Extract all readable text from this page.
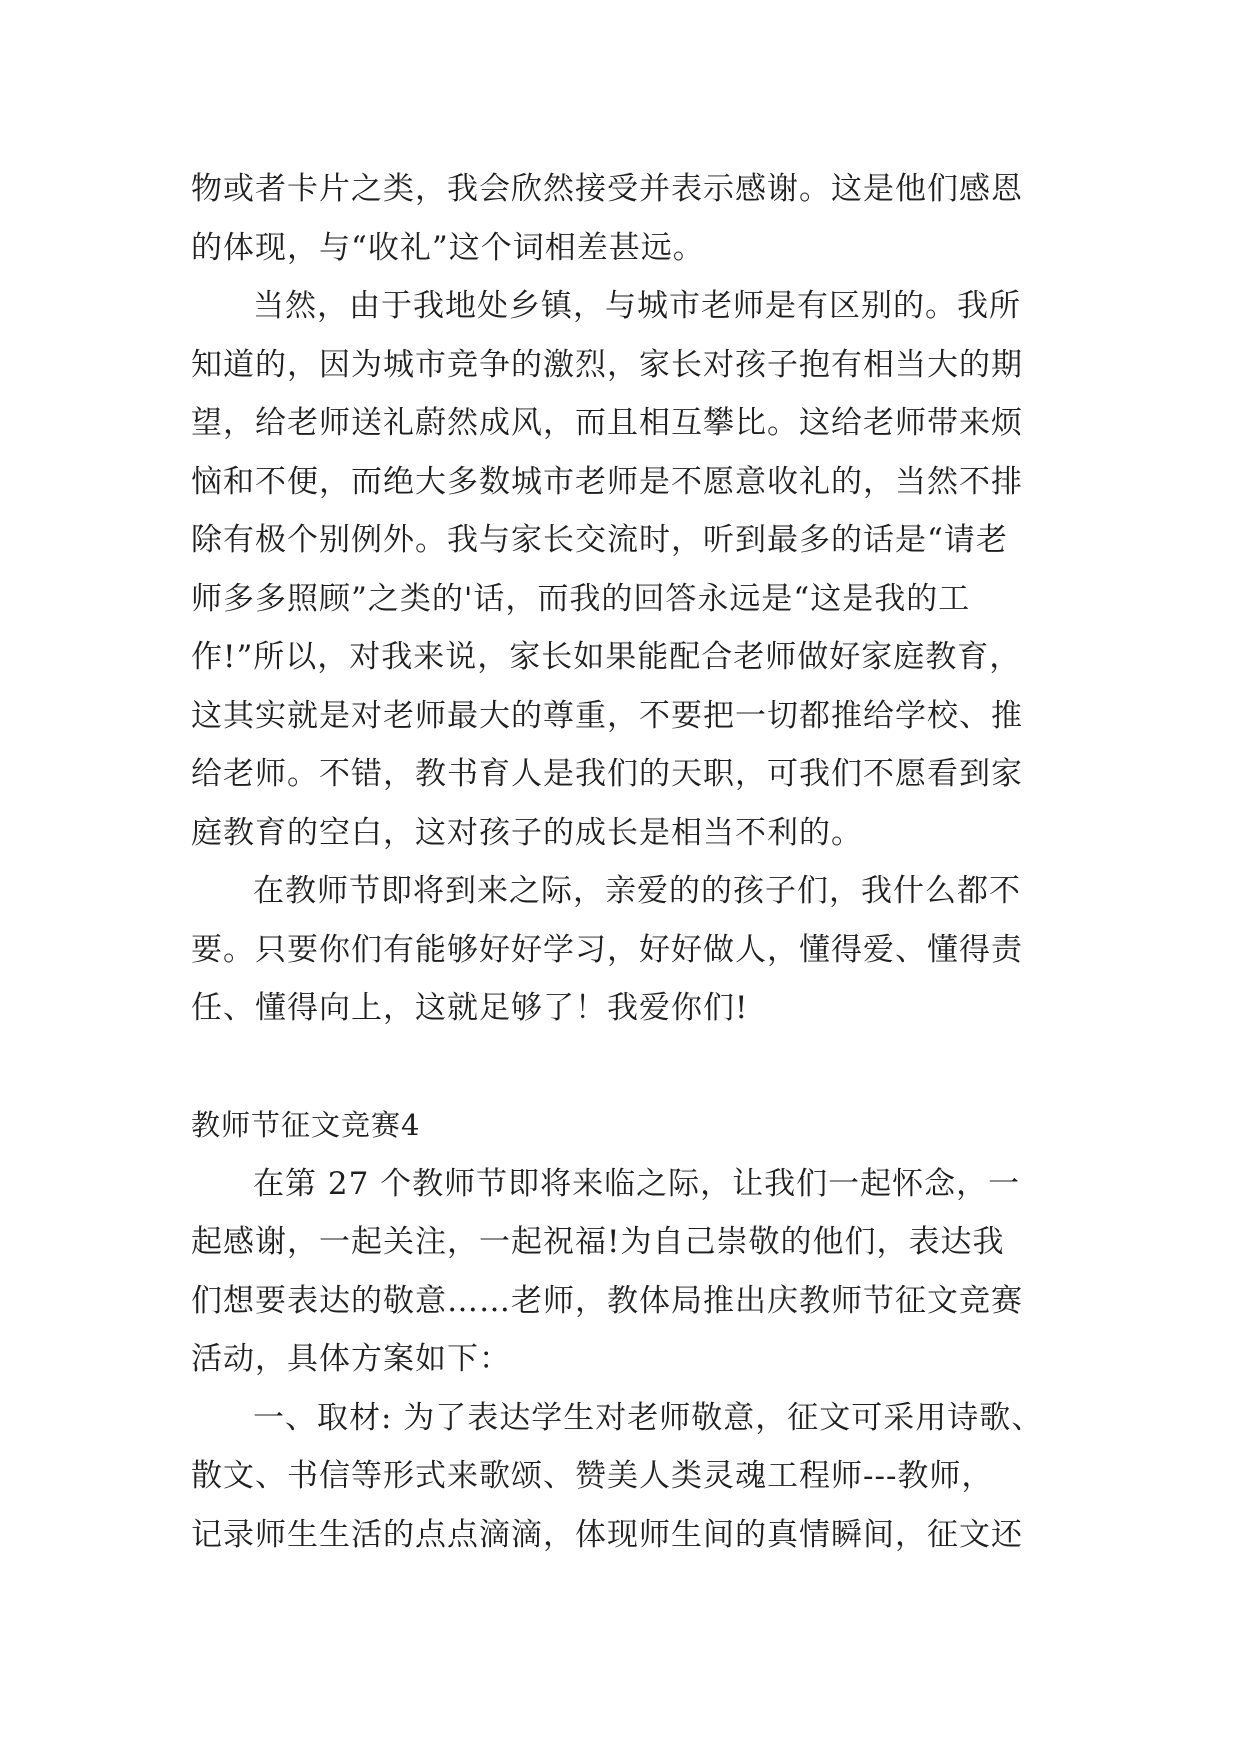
物或者卡片之类，我会欣然接受并表示感谢。这是他们感恩
的体现，与“收礼”这个词相差甚远。
当然，由于我地处乡镇，与城市老师是有区别的。我所
知道的，因为城市竞争的激烈，家长对孩子抱有相当大的期
望，给老师送礼蔚然成风，而且相互攀比。这给老师带来烦
恼和不便，而绝大多数城市老师是不愿意收礼的，当然不排
除有极个别例外。我与家长交流时，听到最多的话是“请老
师多多照顾”之类的'话，而我的回答永远是“这是我的工
作!”所以，对我来说，家长如果能配合老师做好家庭教育，
这其实就是对老师最大的尊重，不要把一切都推给学校、推
给老师。不错，教书育人是我们的天职，可我们不愿看到家
庭教育的空白，这对孩子的成长是相当不利的。
在教师节即将到来之际，亲爱的的孩子们，我什么都不
要。只要你们有能够好好学习，好好做人，懂得爱、懂得责
任、懂得向上，这就足够了！我爱你们!
教师节征文竞赛4
在第 27 个教师节即将来临之际，让我们一起怀念，一
起感谢，一起关注，一起祝福!为自己崇敬的他们，表达我
们想要表达的敬意……老师，教体局推出庆教师节征文竞赛
活动，具体方案如下：
一、取材: 为了表达学生对老师敬意，征文可采用诗歌、
散文、书信等形式来歌颂、赞美人类灵魂工程师---教师，
记录师生生活的点点滴滴，体现师生间的真情瞬间，征文还
